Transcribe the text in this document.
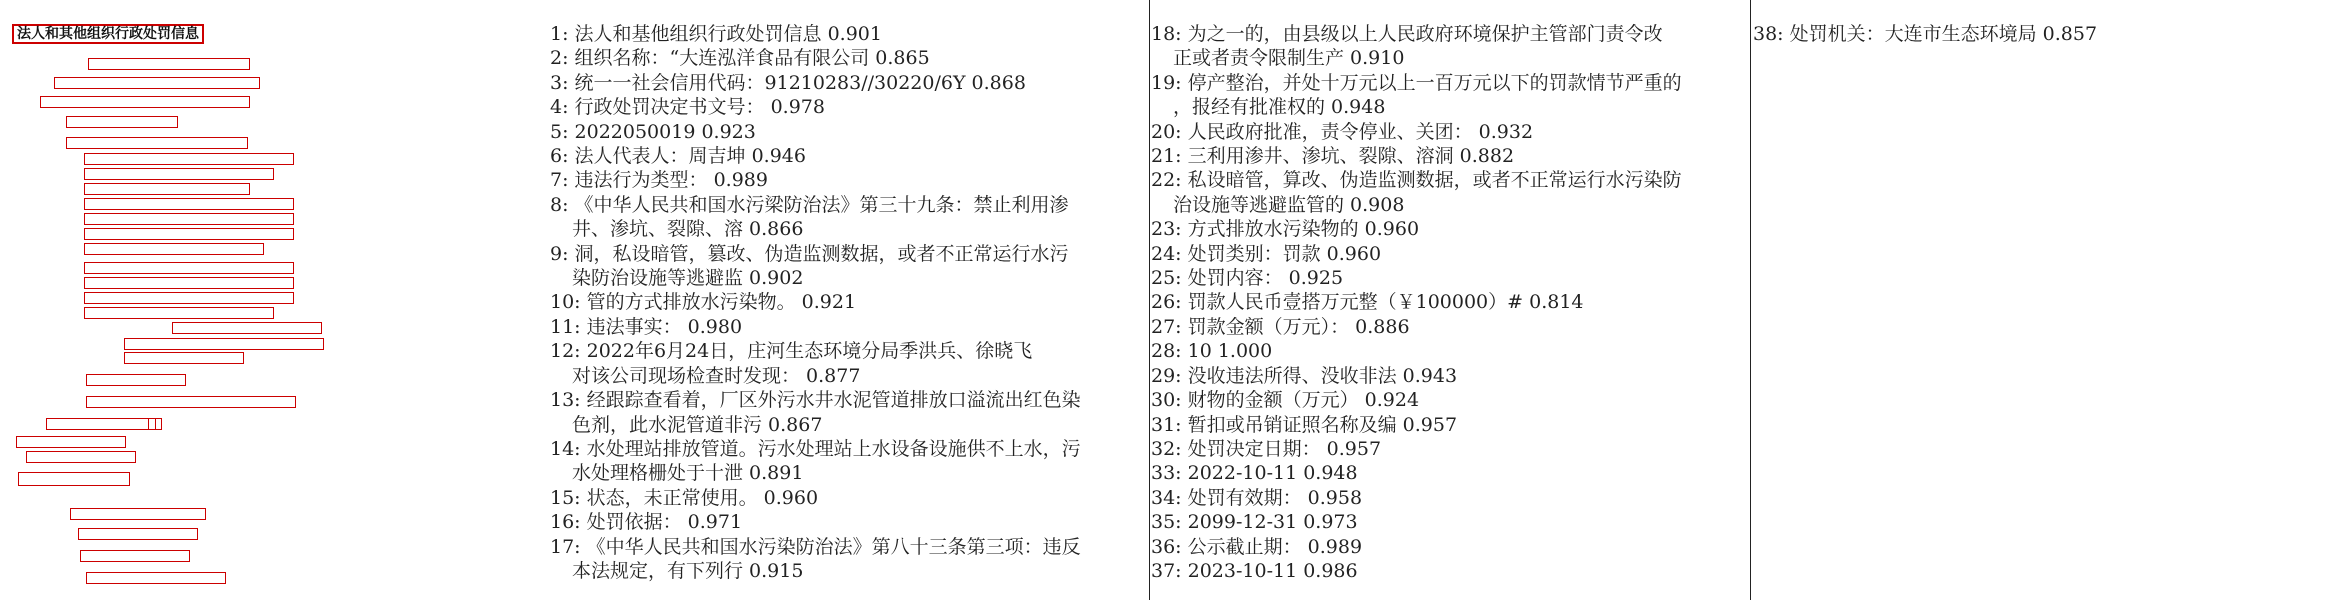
法人和其他组织行政处罚信息	1: 法人和基他组织行政处罚信息 0.901
2: 组织名称：“大连泓洋食品有限公司 0.865
3: 统一一社会信用代码：91210283//30220/6Y 0.868
4: 行政处罚决定书文号： 0.978
5: 2022050019 0.923
6: 法人代表人：周吉坤 0.946
7: 违法行为类型： 0.989
8: 《中华人民共和国水污梁防治法》第三十九条：禁止利用渗
井、渗坑、裂隙、溶 0.866
9: 洞，私设暗管，篡改、伪造监测数据，或者不正常运行水污
染防治设施等逃避监 0.902
10: 管的方式排放水污染物。 0.921
11: 违法事实： 0.980
12: 2022年6月24日，庄河生态环境分局季洪兵、徐晓飞
对该公司现场检查时发现： 0.877
13: 经跟踪查看着，厂区外污水井水泥管道排放口溢流出红色染
色剂，此水泥管道非污 0.867
14: 水处理站排放管道。污水处理站上水设备设施供不上水，污
水处理格栅处于十泄 0.891
15: 状态，未正常使用。 0.960
16: 处罚依据： 0.971
17: 《中华人民共和国水污染防治法》第八十三条第三项：违反
本法规定，有下列行 0.915
18: 为之一的，由县级以上人民政府环境保护主管部门责令改
正或者责令限制生产 0.910
19: 停产整治，并处十万元以上一百万元以下的罚款情节严重的
，报经有批准权的 0.948
20: 人民政府批准，责令停业、关团： 0.932
21: 三利用渗井、渗坑、裂隙、溶洞 0.882
22: 私设暗管，算改、伪造监测数据，或者不正常运行水污染防
治设施等逃避监管的 0.908
23: 方式排放水污染物的 0.960
24: 处罚类别：罚款 0.960
25: 处罚内容： 0.925
26: 罚款人民币壹搭万元整（￥100000）# 0.814
27: 罚款金额（万元）： 0.886
28: 10 1.000
29: 没收违法所得、没收非法 0.943
30: 财物的金额（万元） 0.924
31: 暂扣或吊销证照名称及编 0.957
32: 处罚决定日期： 0.957
33: 2022-10-11 0.948
34: 处罚有效期： 0.958
35: 2099-12-31 0.973
36: 公示截止期： 0.989
37: 2023-10-11 0.986
38: 处罚机关：大连市生态环境局 0.857
